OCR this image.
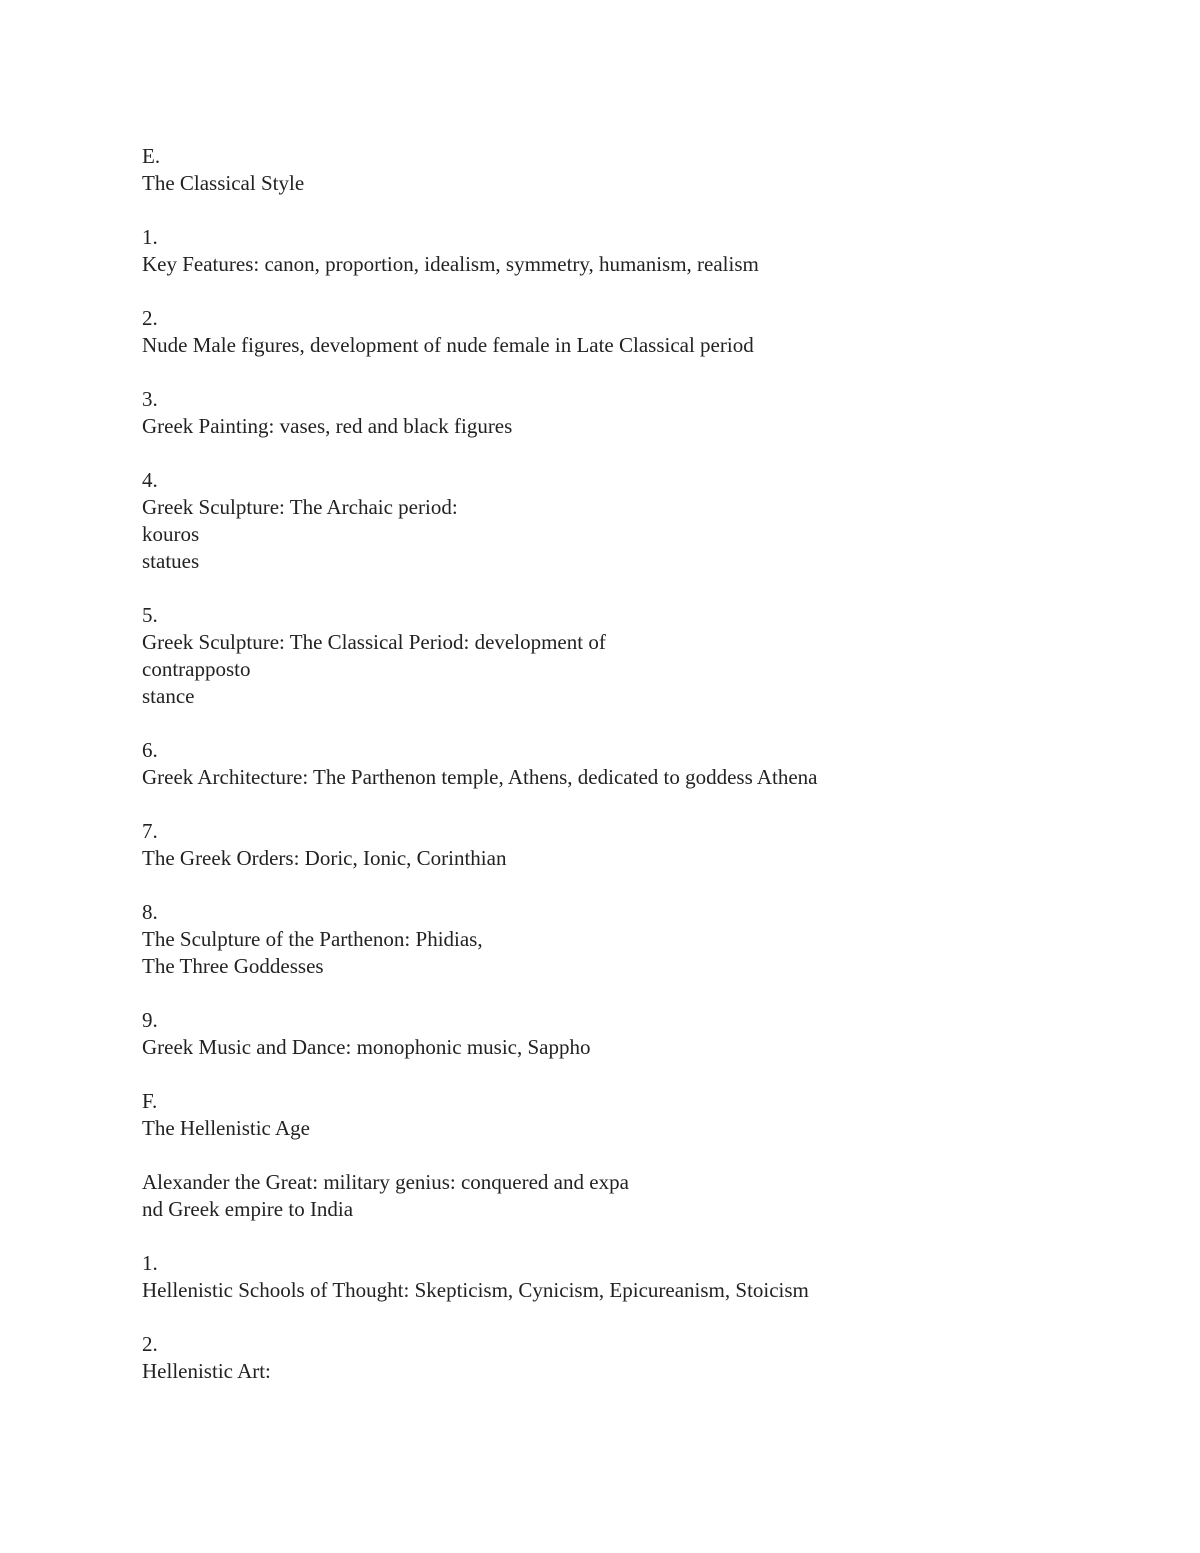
E.
The Classical Style
1.
Key Features: canon, proportion, idealism, symmetry, humanism, realism
2.
Nude Male figures, development of nude female in Late Classical period
3.
Greek Painting: vases, red and black figures
4.
Greek Sculpture: The Archaic period:
kouros
statues
5.
Greek Sculpture: The Classical Period: development of
contrapposto
stance
6.
Greek Architecture: The Parthenon temple, Athens, dedicated to goddess Athena
7.
The Greek Orders: Doric, Ionic, Corinthian
8.
The Sculpture of the Parthenon: Phidias,
The Three Goddesses
9.
Greek Music and Dance: monophonic music, Sappho
F.
The Hellenistic Age
Alexander the Great: military genius: conquered and expa
nd Greek empire to India
1.
Hellenistic Schools of Thought: Skepticism, Cynicism, Epicureanism, Stoicism
2.
Hellenistic Art:
